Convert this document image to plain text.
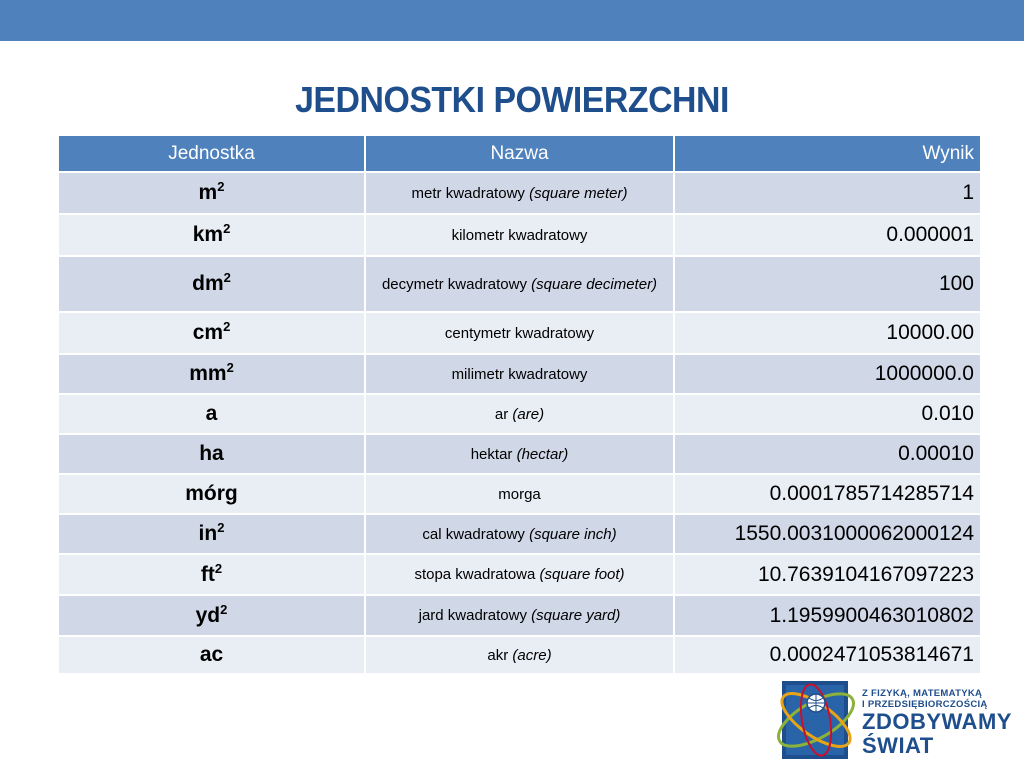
JEDNOSTKI POWIERZCHNI
Jednostka	Nazwa	Wynik
$m^2$	metr kwadratowy (square meter)	1
$km^2$	kilometr kwadratowy	0.000001
$dm^2$	decymetr kwadratowy (square decimeter)	100
$cm^2$	centymetr kwadratowy	10000.00
$mm^2$	milimetr kwadratowy	1000000.0
a	ar (are)	0.010
ha	hektar (hectar)	0.00010
mórg	morga	0.0001785714285714
$in^2$	cal kwadratowy (square inch)	1550.0031000062000124
$ft^2$	stopa kwadratowa (square foot)	10.7639104167097223
$yd^2$	jard kwadratowy (square yard)	1.1959900463010802
ac	akr (acre)	0.0002471053814671
Z FIZYKĄ, MATEMATYKĄ
I PRZEDSIĘBIORCZOŚCIĄ
ZDOBYWAMY
ŚWIAT
